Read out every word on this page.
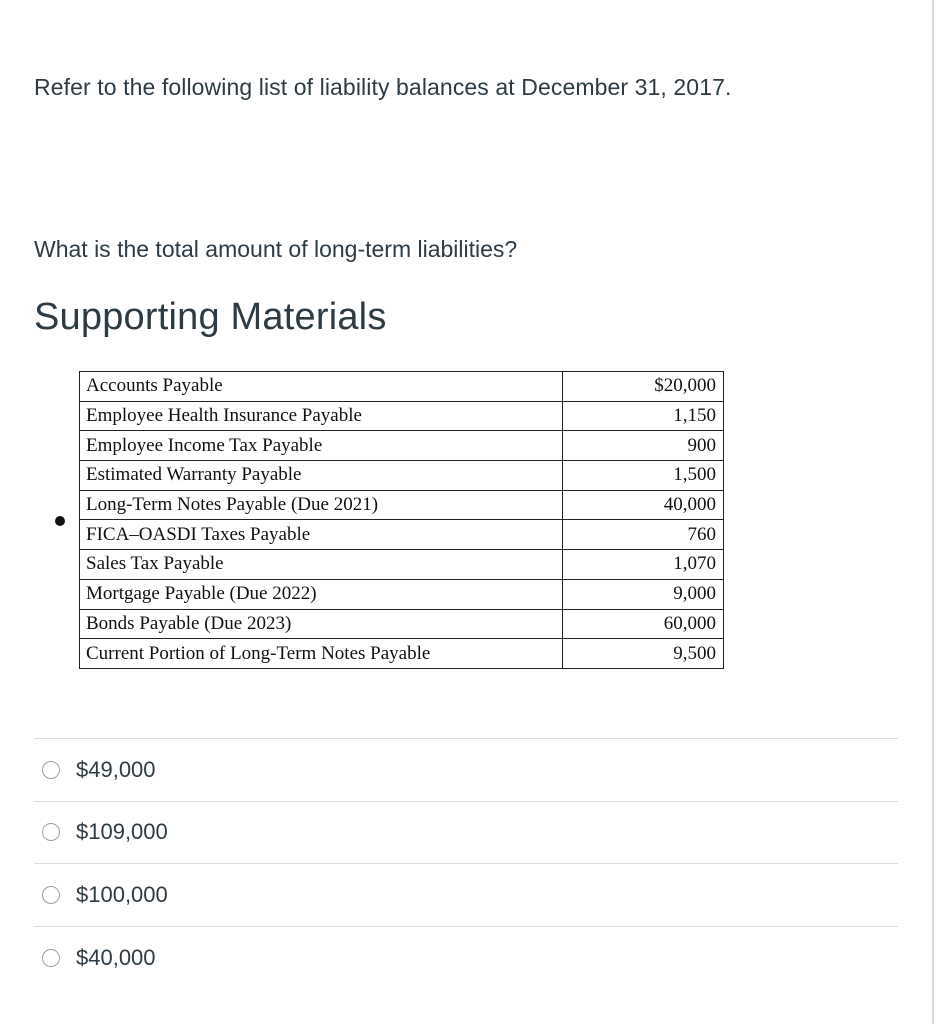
Refer to the following list of liability balances at December 31, 2017.

What is the total amount of long-term liabilities?

Supporting Materials
Accounts Payable	$20,000
Employee Health Insurance Payable	1,150
Employee Income Tax Payable	900
Estimated Warranty Payable	1,500
Long-Term Notes Payable (Due 2021)	40,000
FICA–OASDI Taxes Payable	760
Sales Tax Payable	1,070
Mortgage Payable (Due 2022)	9,000
Bonds Payable (Due 2023)	60,000
Current Portion of Long-Term Notes Payable	9,500
$49,000
$109,000
$100,000
$40,000
